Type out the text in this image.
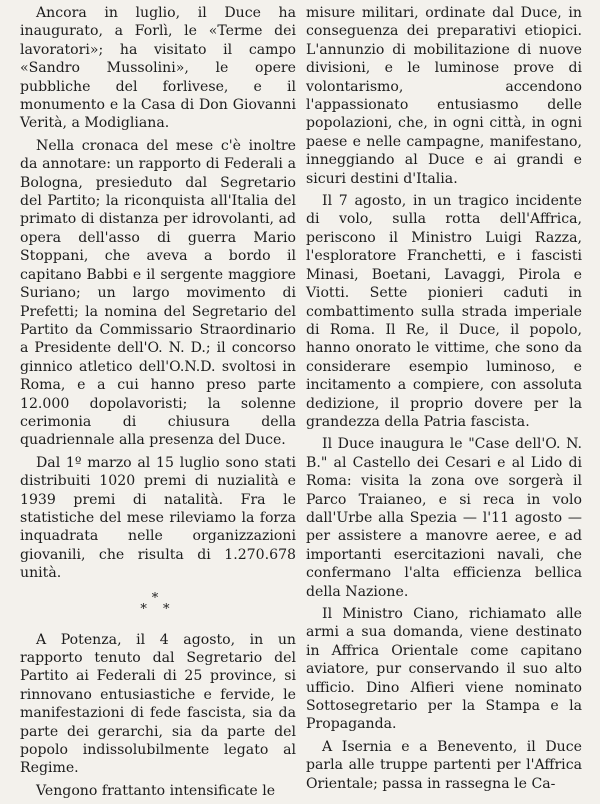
Ancora in luglio, il Duce ha inaugurato, a Forlì, le «Terme dei lavoratori»; ha visitato il campo «Sandro Mussolini», le opere pubbliche del forlivese, e il monumento e la Casa di Don Giovanni Verità, a Modigliana.

Nella cronaca del mese c'è inoltre da annotare: un rapporto di Federali a Bologna, presieduto dal Segretario del Partito; la riconquista all'Italia del primato di distanza per idrovolanti, ad opera dell'asso di guerra Mario Stoppani, che aveva a bordo il capitano Babbi e il sergente maggiore Suriano; un largo movimento di Prefetti; la nomina del Segretario del Partito da Commissario Straordinario a Presidente dell'O. N. D.; il concorso ginnico atletico dell'O.N.D. svoltosi in Roma, e a cui hanno preso parte 12.000 dopolavoristi; la solenne cerimonia di chiusura della quadriennale alla presenza del Duce.

Dal 1º marzo al 15 luglio sono stati distribuiti 1020 premi di nuzialità e 1939 premi di natalità. Fra le statistiche del mese rileviamo la forza inquadrata nelle organizzazioni giovanili, che risulta di 1.270.678 unità.

*
* *

A Potenza, il 4 agosto, in un rapporto tenuto dal Segretario del Partito ai Federali di 25 province, si rinnovano entusiastiche e fervide, le manifestazioni di fede fascista, sia da parte dei gerarchi, sia da parte del popolo indissolubilmente legato al Regime.

Vengono frattanto intensificate le

misure militari, ordinate dal Duce, in conseguenza dei preparativi etiopici. L'annunzio di mobilitazione di nuove divisioni, e le luminose prove di volontarismo, accendono l'appassionato entusiasmo delle popolazioni, che, in ogni città, in ogni paese e nelle campagne, manifestano, inneggiando al Duce e ai grandi e sicuri destini d'Italia.

Il 7 agosto, in un tragico incidente di volo, sulla rotta dell'Affrica, periscono il Ministro Luigi Razza, l'esploratore Franchetti, e i fascisti Minasi, Boetani, Lavaggi, Pirola e Viotti. Sette pionieri caduti in combattimento sulla strada imperiale di Roma. Il Re, il Duce, il popolo, hanno onorato le vittime, che sono da considerare esempio luminoso, e incitamento a compiere, con assoluta dedizione, il proprio dovere per la grandezza della Patria fascista.

Il Duce inaugura le "Case dell'O. N. B." al Castello dei Cesari e al Lido di Roma: visita la zona ove sorgerà il Parco Traianeo, e si reca in volo dall'Urbe alla Spezia — l'11 agosto — per assistere a manovre aeree, e ad importanti esercitazioni navali, che confermano l'alta efficienza bellica della Nazione.

Il Ministro Ciano, richiamato alle armi a sua domanda, viene destinato in Affrica Orientale come capitano aviatore, pur conservando il suo alto ufficio. Dino Alfieri viene nominato Sottosegretario per la Stampa e la Propaganda.

A Isernia e a Benevento, il Duce parla alle truppe partenti per l'Affrica Orientale; passa in rassegna le Ca-
